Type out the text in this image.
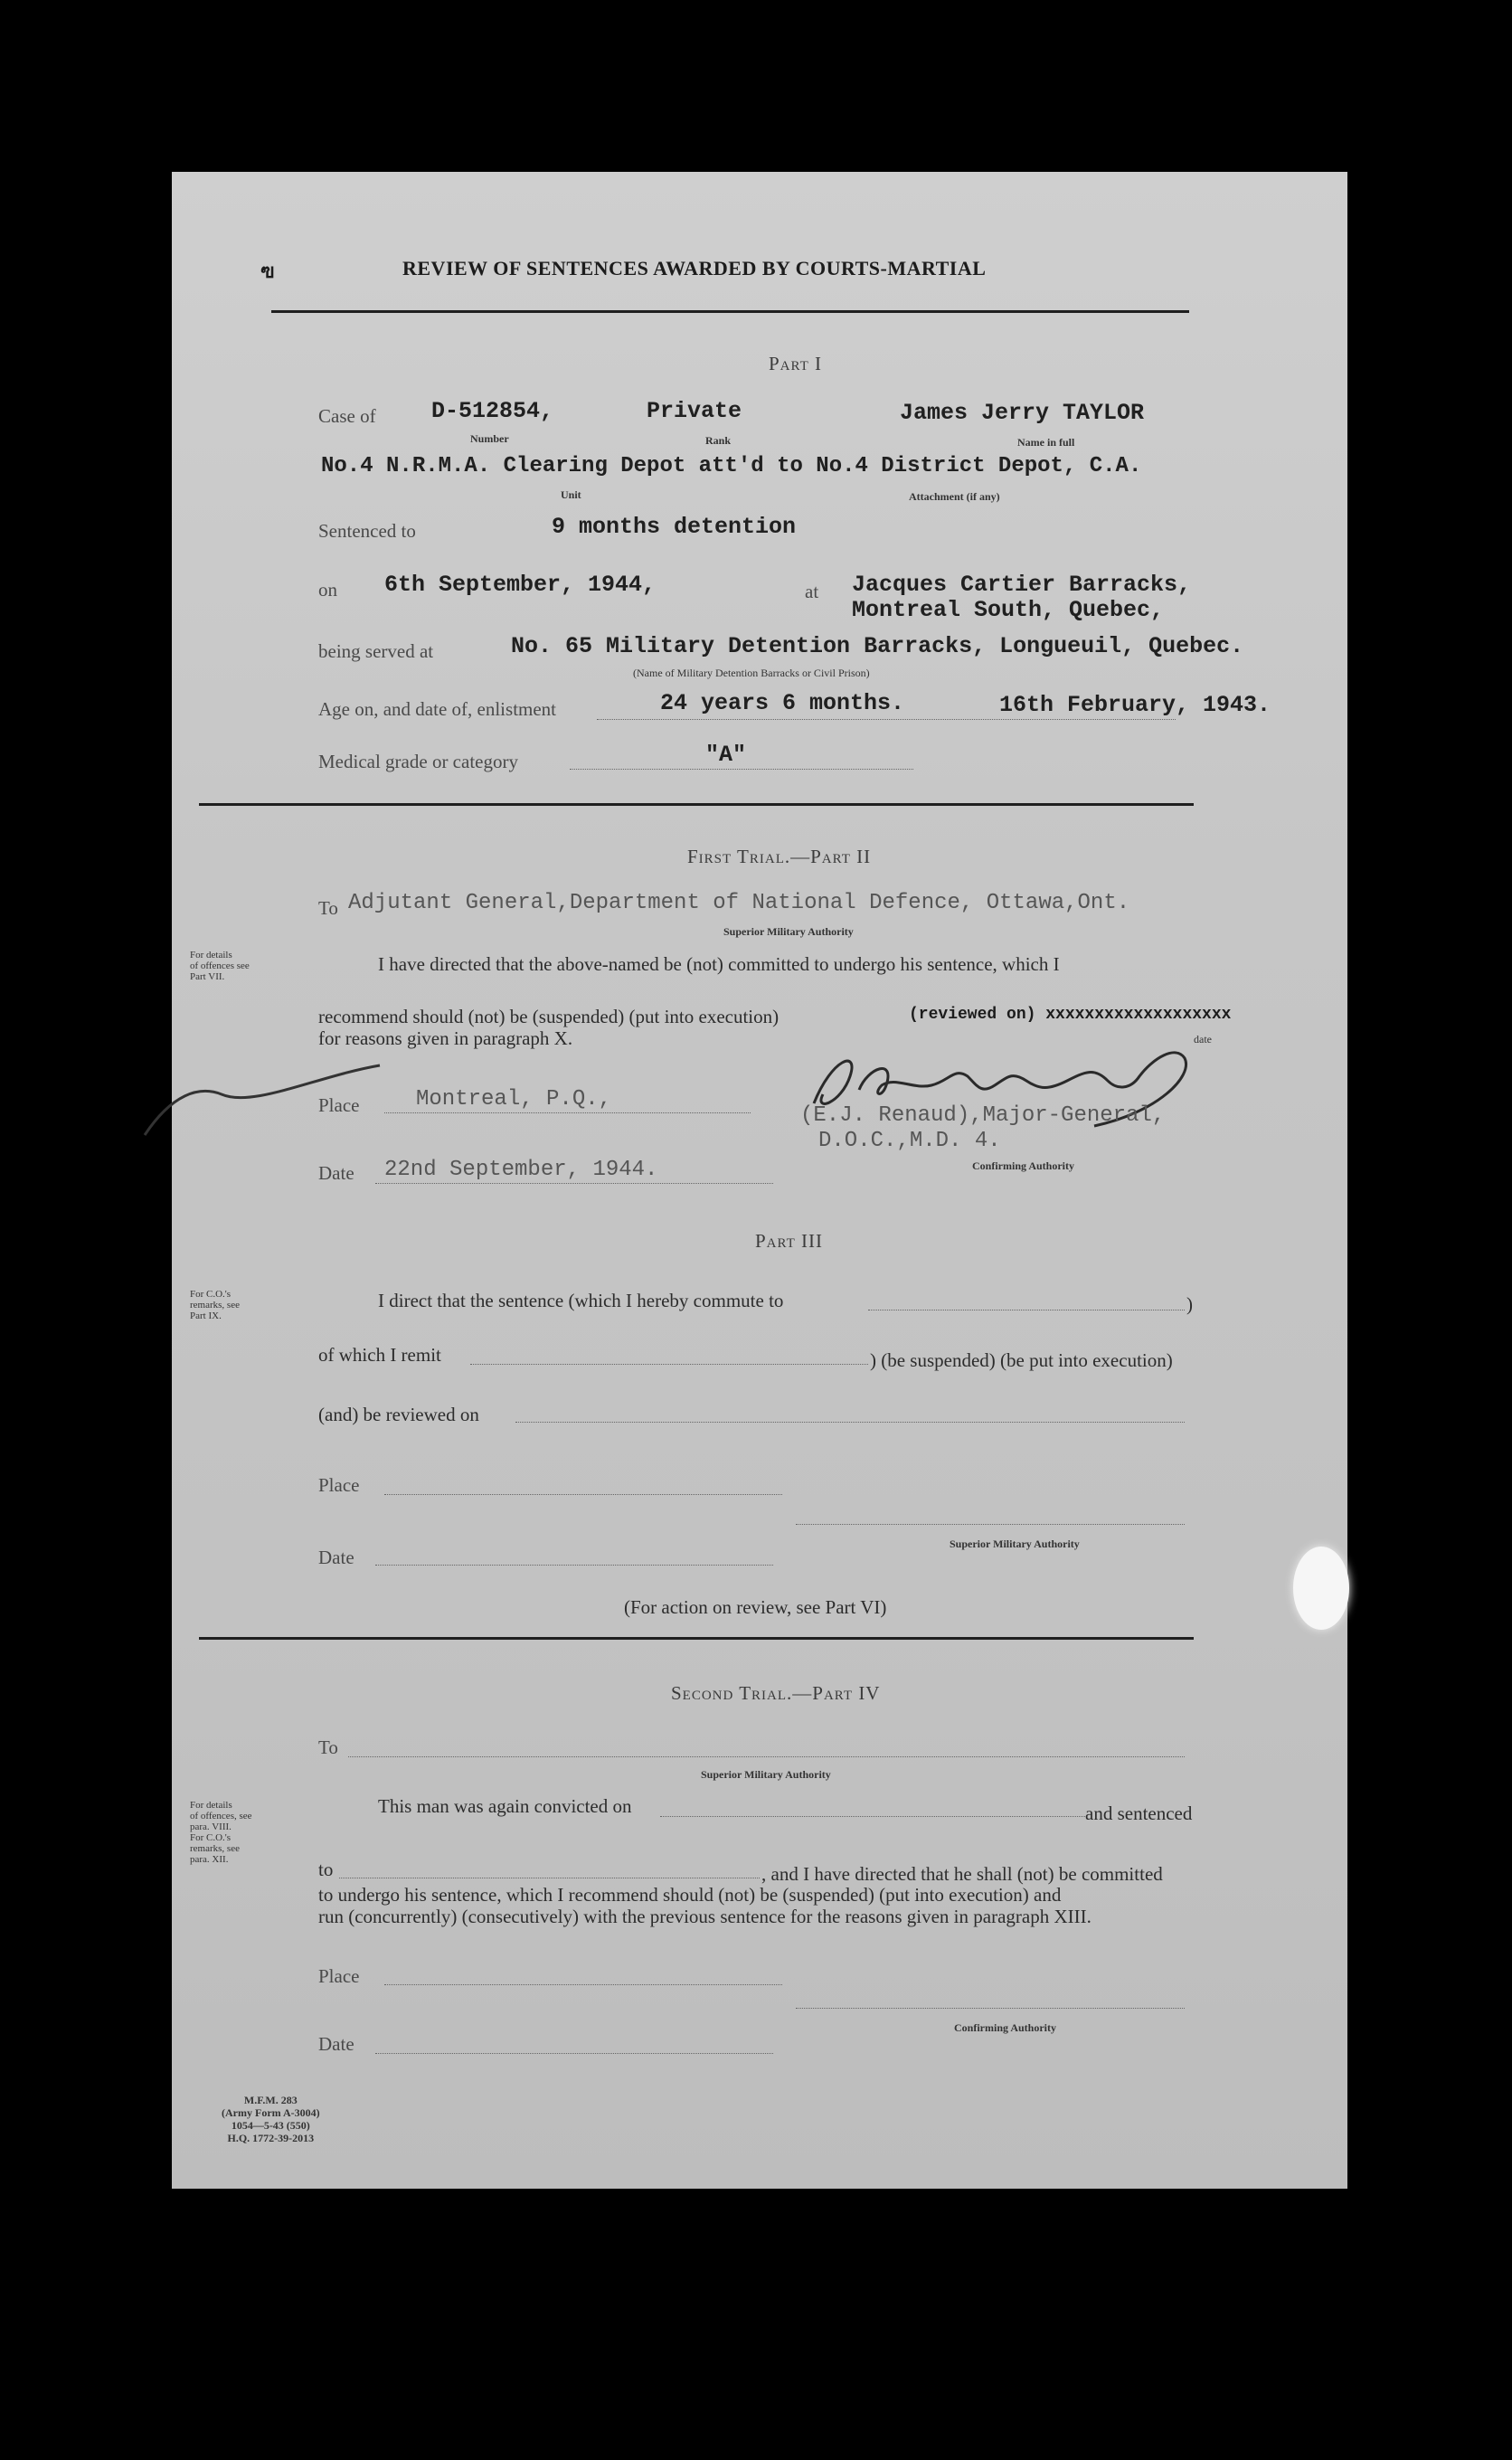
ฃ	REVIEW OF SENTENCES AWARDED BY COURTS-MARTIAL
Part I
Case of D-512854,
Number
Private
Rank
James Jerry TAYLOR
Name in full
No.4 N.R.M.A. Clearing Depot att'd to No.4 District Depot, C.A.
Unit	Attachment (if any)
Sentenced to	9 months detention
on 6th September, 1944,	at Jacques Cartier Barracks,
Montreal South, Quebec,
being served at	No. 65 Military Detention Barracks, Longueuil, Quebec.
(Name of Military Detention Barracks or Civil Prison)
Age on, and date of, enlistment	24 years 6 months.	16th February, 1943.
Medical grade or category	"A"
First Trial.—Part II
To Adjutant General,Department of National Defence, Ottawa,Ont.
Superior Military Authority
For details
of offences see
Part VII.
I have directed that the above-named be (not) committed to undergo his sentence, which I
recommend should (not) be (suspended) (put into execution)	(reviewed on) xxxxxxxxxxxxxxxxxxx
for reasons given in paragraph X.	date
Place	Montreal, P.Q.,
E. Renaud
(E.J. Renaud),Major-General,
D.O.C.,M.D. 4.
Confirming Authority
Date 22nd September, 1944.
Part III
For C.O.'s
remarks, see
Part IX.
I direct that the sentence (which I hereby commute to	)
of which I remit	) (be suspended) (be put into execution)
(and) be reviewed on
Place
Superior Military Authority
Date
(For action on review, see Part VI)
Second Trial.—Part IV
To
Superior Military Authority
For details
of offences, see
para. VIII.
For C.O.'s
remarks, see
para. XII.
This man was again convicted on	and sentenced
to	, and I have directed that he shall (not) be committed
to undergo his sentence, which I recommend should (not) be (suspended) (put into execution) and
run (concurrently) (consecutively) with the previous sentence for the reasons given in paragraph XIII.
Place
Confirming Authority
Date
M.F.M. 283
(Army Form A-3004)
1054—5-43 (550)
H.Q. 1772-39-2013
